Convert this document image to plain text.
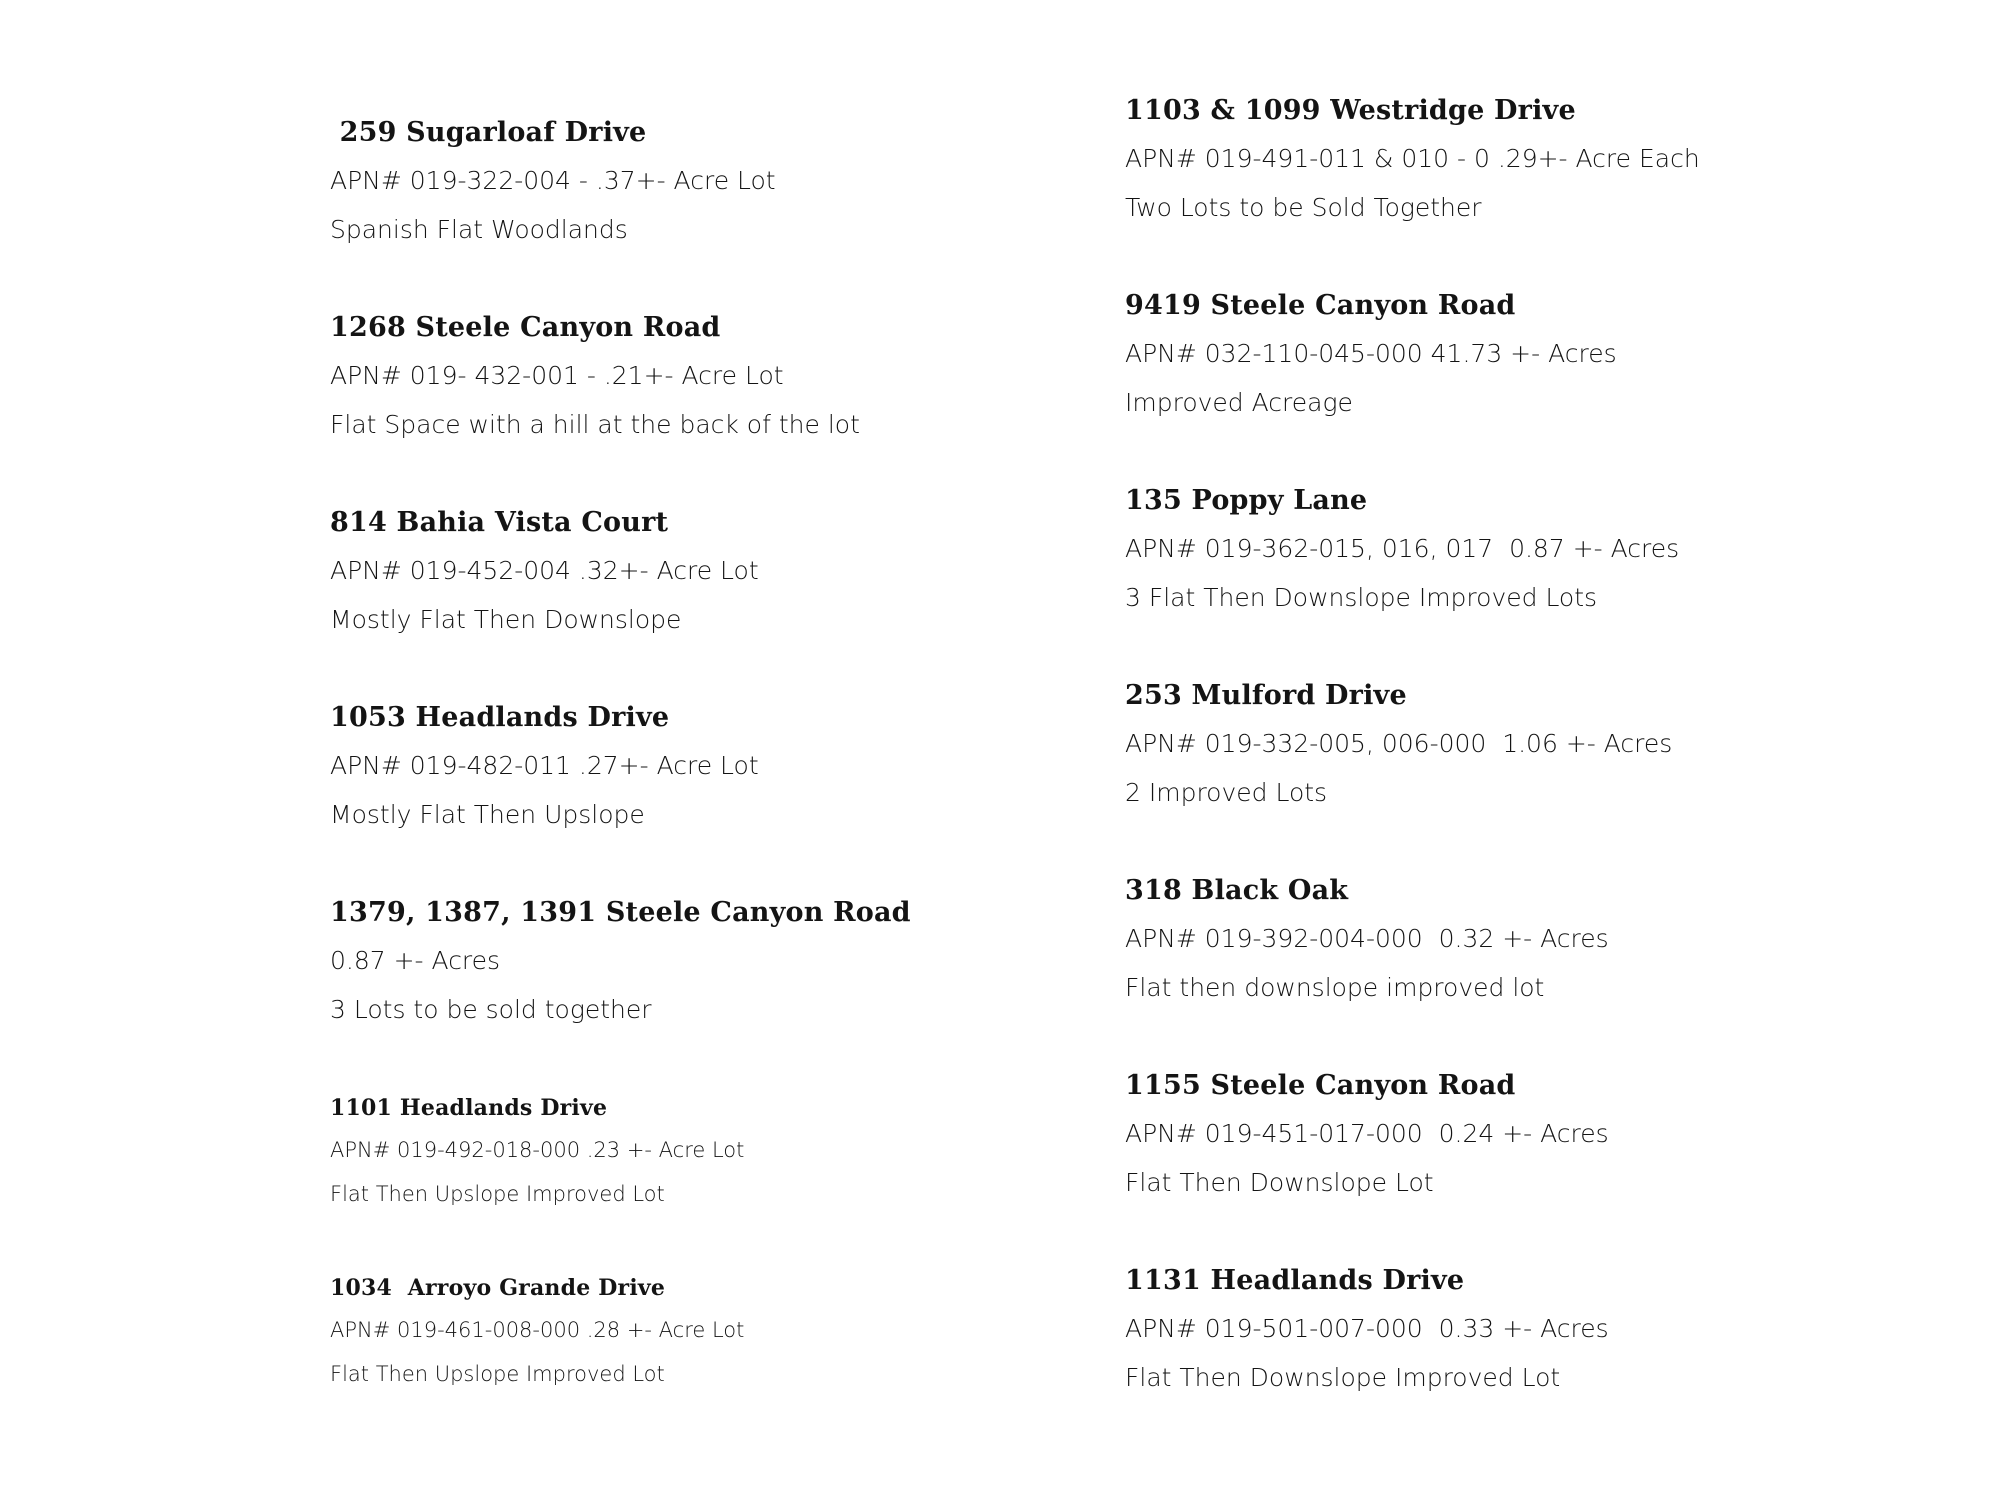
259 Sugarloaf Drive
APN# 019-322-004 - .37+- Acre Lot
Spanish Flat Woodlands
1268 Steele Canyon Road
APN# 019- 432-001 - .21+- Acre Lot
Flat Space with a hill at the back of the lot
814 Bahia Vista Court
APN# 019-452-004 .32+- Acre Lot
Mostly Flat Then Downslope
1053 Headlands Drive
APN# 019-482-011 .27+- Acre Lot
Mostly Flat Then Upslope
1379, 1387, 1391 Steele Canyon Road
0.87 +- Acres
3 Lots to be sold together
1101 Headlands Drive
APN# 019-492-018-000 .23 +- Acre Lot
Flat Then Upslope Improved Lot
1034  Arroyo Grande Drive
APN# 019-461-008-000 .28 +- Acre Lot
Flat Then Upslope Improved Lot
1103 & 1099 Westridge Drive
APN# 019-491-011 & 010 - 0 .29+- Acre Each
Two Lots to be Sold Together
9419 Steele Canyon Road
APN# 032-110-045-000 41.73 +- Acres
Improved Acreage
135 Poppy Lane
APN# 019-362-015, 016, 017  0.87 +- Acres
3 Flat Then Downslope Improved Lots
253 Mulford Drive
APN# 019-332-005, 006-000  1.06 +- Acres
2 Improved Lots
318 Black Oak
APN# 019-392-004-000  0.32 +- Acres
Flat then downslope improved lot
1155 Steele Canyon Road
APN# 019-451-017-000  0.24 +- Acres
Flat Then Downslope Lot
1131 Headlands Drive
APN# 019-501-007-000  0.33 +- Acres
Flat Then Downslope Improved Lot
